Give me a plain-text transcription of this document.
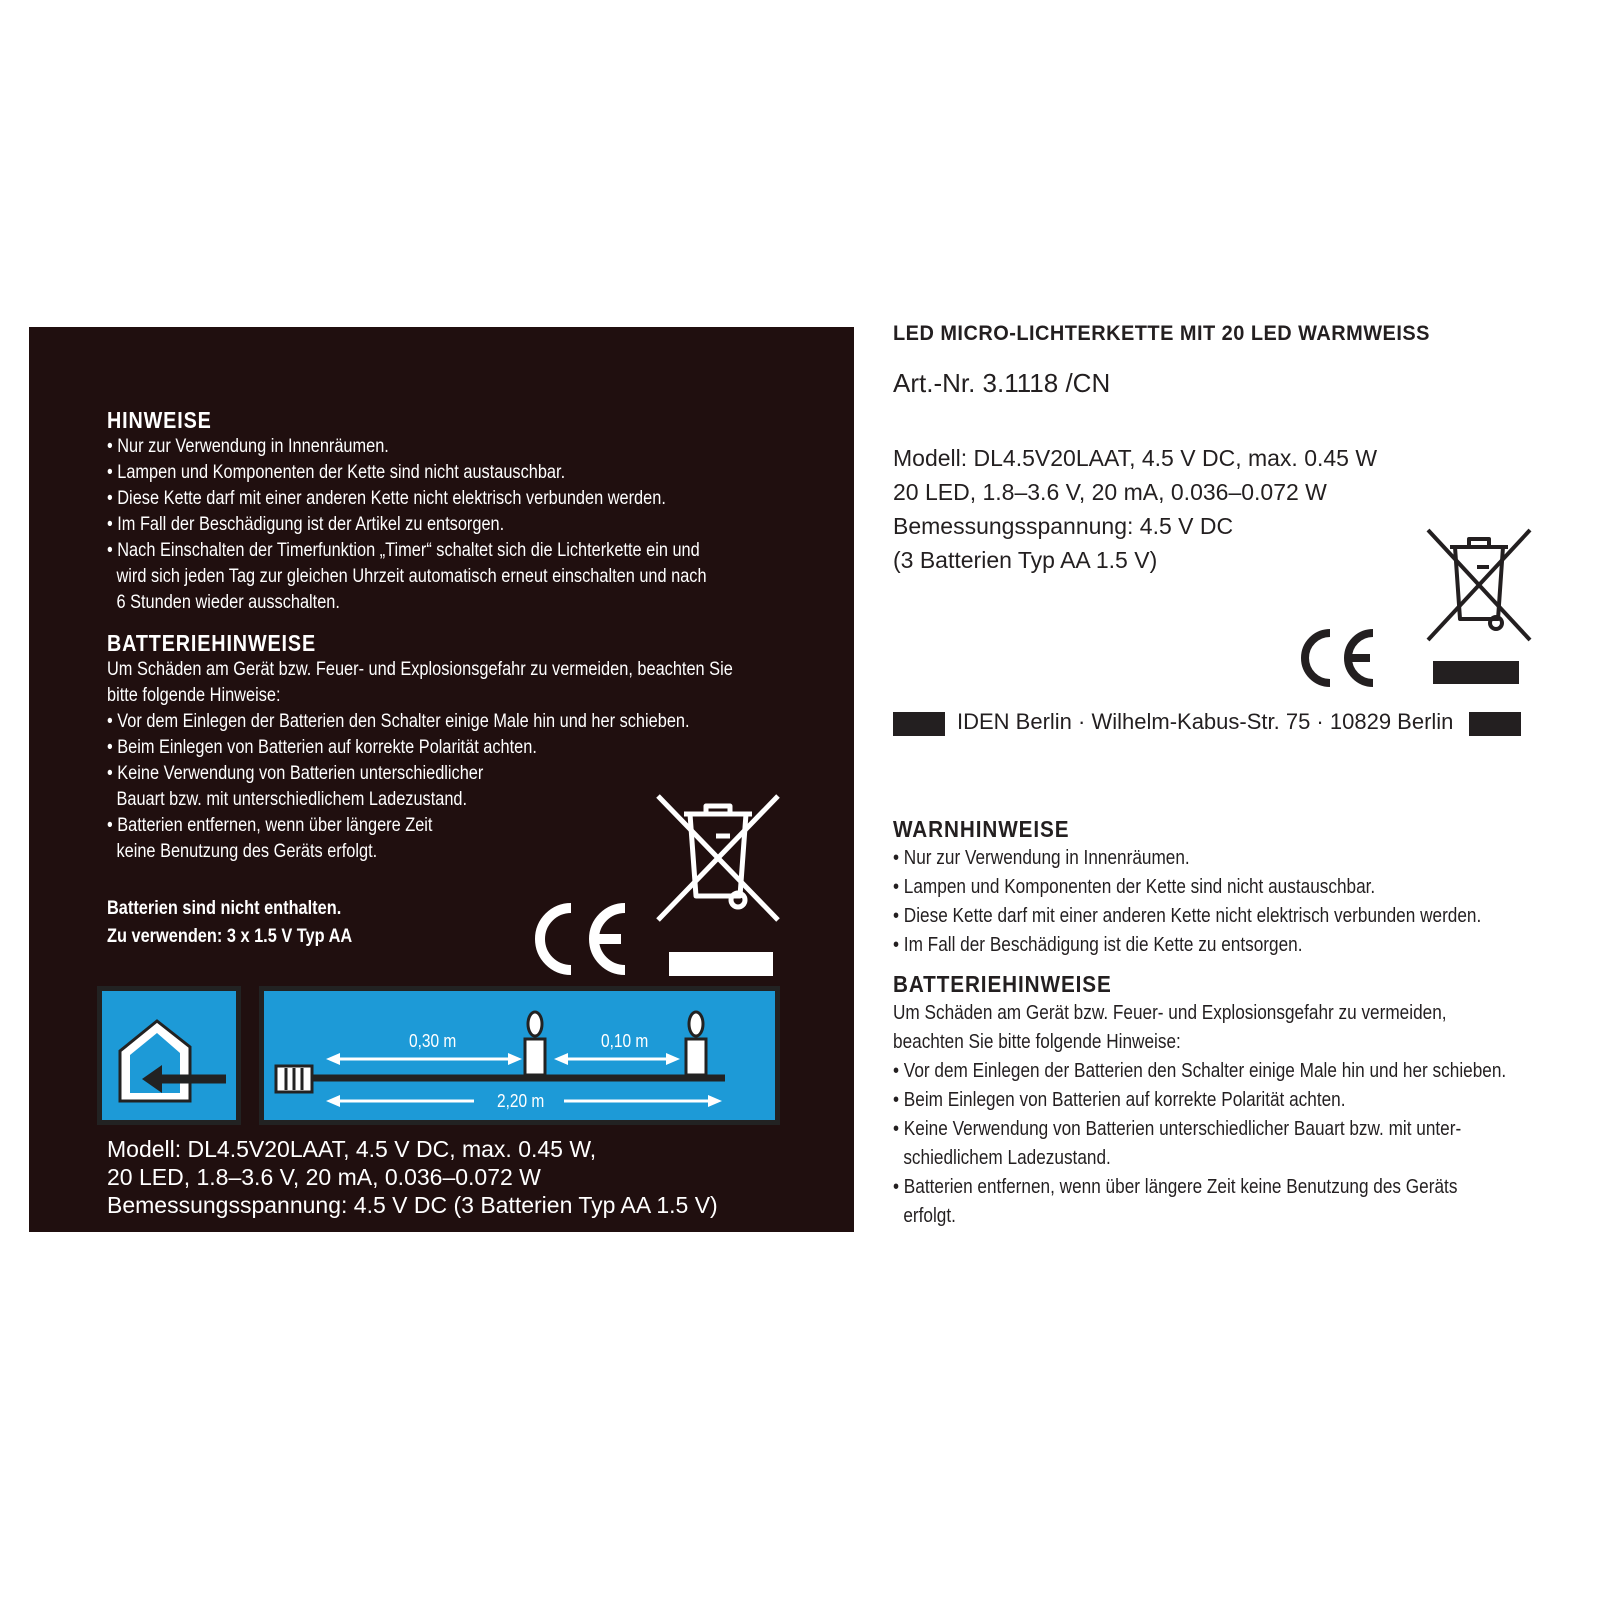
HINWEISE
• Nur zur Verwendung in Innenräumen.
• Lampen und Komponenten der Kette sind nicht austauschbar.
• Diese Kette darf mit einer anderen Kette nicht elektrisch verbunden werden.
• Im Fall der Beschädigung ist der Artikel zu entsorgen.
• Nach Einschalten der Timerfunktion „Timer“ schaltet sich die Lichterkette ein und
wird sich jeden Tag zur gleichen Uhrzeit automatisch erneut einschalten und nach
6 Stunden wieder ausschalten.
BATTERIEHINWEISE
Um Schäden am Gerät bzw. Feuer- und Explosionsgefahr zu vermeiden, beachten Sie
bitte folgende Hinweise:
• Vor dem Einlegen der Batterien den Schalter einige Male hin und her schieben.
• Beim Einlegen von Batterien auf korrekte Polarität achten.
• Keine Verwendung von Batterien unterschiedlicher
Bauart bzw. mit unterschiedlichem Ladezustand.
• Batterien entfernen, wenn über längere Zeit
keine Benutzung des Geräts erfolgt.
Batterien sind nicht enthalten.
Zu verwenden: 3 x 1.5 V Typ AA
0,30 m	0,10 m
2,20 m
Modell: DL4.5V20LAAT, 4.5 V DC, max. 0.45 W,
20 LED, 1.8–3.6 V, 20 mA, 0.036–0.072 W
Bemessungsspannung: 4.5 V DC (3 Batterien Typ AA 1.5 V)
LED MICRO-LICHTERKETTE MIT 20 LED WARMWEISS
Art.-Nr. 3.1118 /CN
Modell: DL4.5V20LAAT, 4.5 V DC, max. 0.45 W
20 LED, 1.8–3.6 V, 20 mA, 0.036–0.072 W
Bemessungsspannung: 4.5 V DC
(3 Batterien Typ AA 1.5 V)
IDEN Berlin · Wilhelm-Kabus-Str. 75 · 10829 Berlin
WARNHINWEISE
• Nur zur Verwendung in Innenräumen.
• Lampen und Komponenten der Kette sind nicht austauschbar.
• Diese Kette darf mit einer anderen Kette nicht elektrisch verbunden werden.
• Im Fall der Beschädigung ist die Kette zu entsorgen.
BATTERIEHINWEISE
Um Schäden am Gerät bzw. Feuer- und Explosionsgefahr zu vermeiden,
beachten Sie bitte folgende Hinweise:
• Vor dem Einlegen der Batterien den Schalter einige Male hin und her schieben.
• Beim Einlegen von Batterien auf korrekte Polarität achten.
• Keine Verwendung von Batterien unterschiedlicher Bauart bzw. mit unter-
schiedlichem Ladezustand.
• Batterien entfernen, wenn über längere Zeit keine Benutzung des Geräts
erfolgt.
